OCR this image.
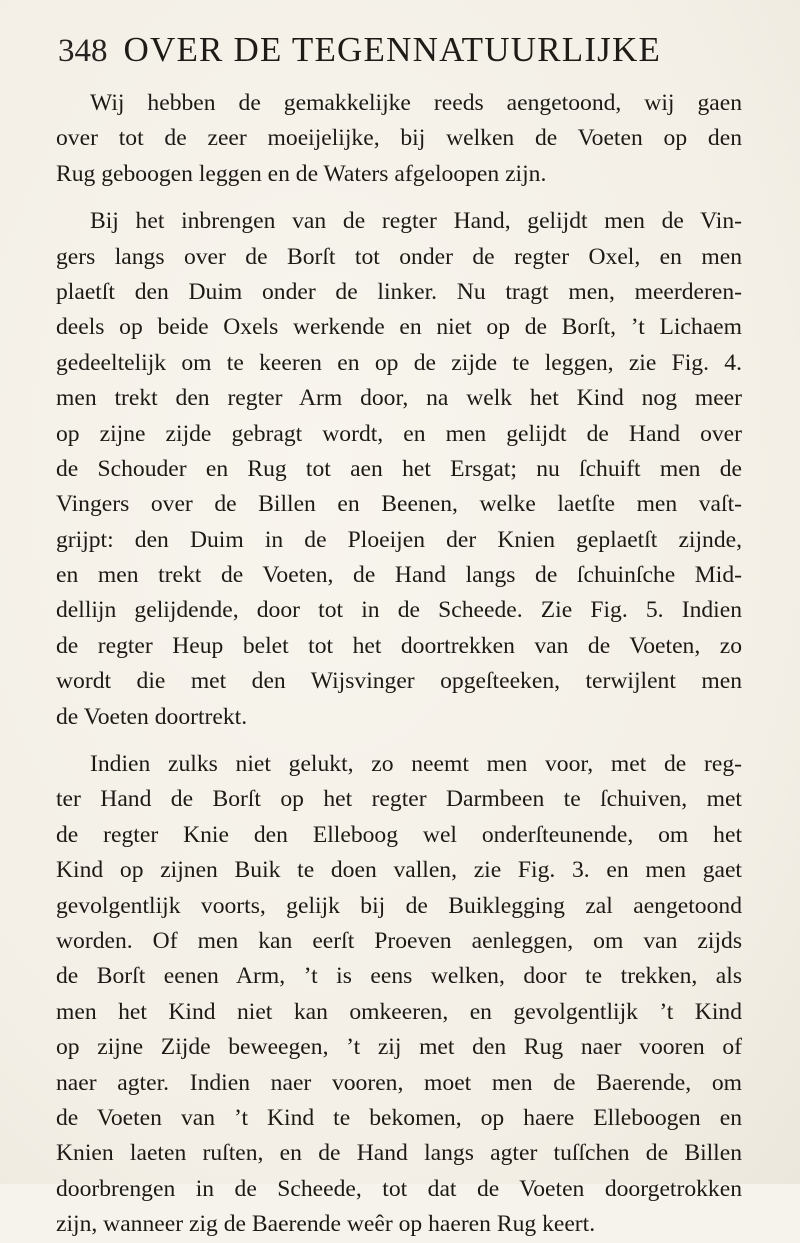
348 OVER DE TEGENNATUURLIJKE

Wij hebben de gemakkelijke reeds aengetoond, wij gaen
over tot de zeer moeijelijke, bij welken de Voeten op den
Rug geboogen leggen en de Waters afgeloopen zijn.

Bij het inbrengen van de regter Hand, gelijdt men de Vin-
gers langs over de Borſt tot onder de regter Oxel, en men
plaetſt den Duim onder de linker. Nu tragt men, meerderen-
deels op beide Oxels werkende en niet op de Borſt, ’t Lichaem
gedeeltelijk om te keeren en op de zijde te leggen, zie Fig. 4.
men trekt den regter Arm door, na welk het Kind nog meer
op zijne zijde gebragt wordt, en men gelijdt de Hand over
de Schouder en Rug tot aen het Ersgat; nu ſchuift men de
Vingers over de Billen en Beenen, welke laetſte men vaſt-
grijpt: den Duim in de Ploeijen der Knien geplaetſt zijnde,
en men trekt de Voeten, de Hand langs de ſchuinſche Mid-
dellijn gelijdende, door tot in de Scheede. Zie Fig. 5. Indien
de regter Heup belet tot het doortrekken van de Voeten, zo
wordt die met den Wijsvinger opgeſteeken, terwijlent men
de Voeten doortrekt.

Indien zulks niet gelukt, zo neemt men voor, met de reg-
ter Hand de Borſt op het regter Darmbeen te ſchuiven, met
de regter Knie den Elleboog wel onderſteunende, om het
Kind op zijnen Buik te doen vallen, zie Fig. 3. en men gaet
gevolgentlijk voorts, gelijk bij de Buiklegging zal aengetoond
worden. Of men kan eerſt Proeven aenleggen, om van zijds
de Borſt eenen Arm, ’t is eens welken, door te trekken, als
men het Kind niet kan omkeeren, en gevolgentlijk ’t Kind
op zijne Zijde beweegen, ’t zij met den Rug naer vooren of
naer agter. Indien naer vooren, moet men de Baerende, om
de Voeten van ’t Kind te bekomen, op haere Elleboogen en
Knien laeten ruſten, en de Hand langs agter tuſſchen de Billen
doorbrengen in de Scheede, tot dat de Voeten doorgetrokken
zijn, wanneer zig de Baerende weêr op haeren Rug keert.
